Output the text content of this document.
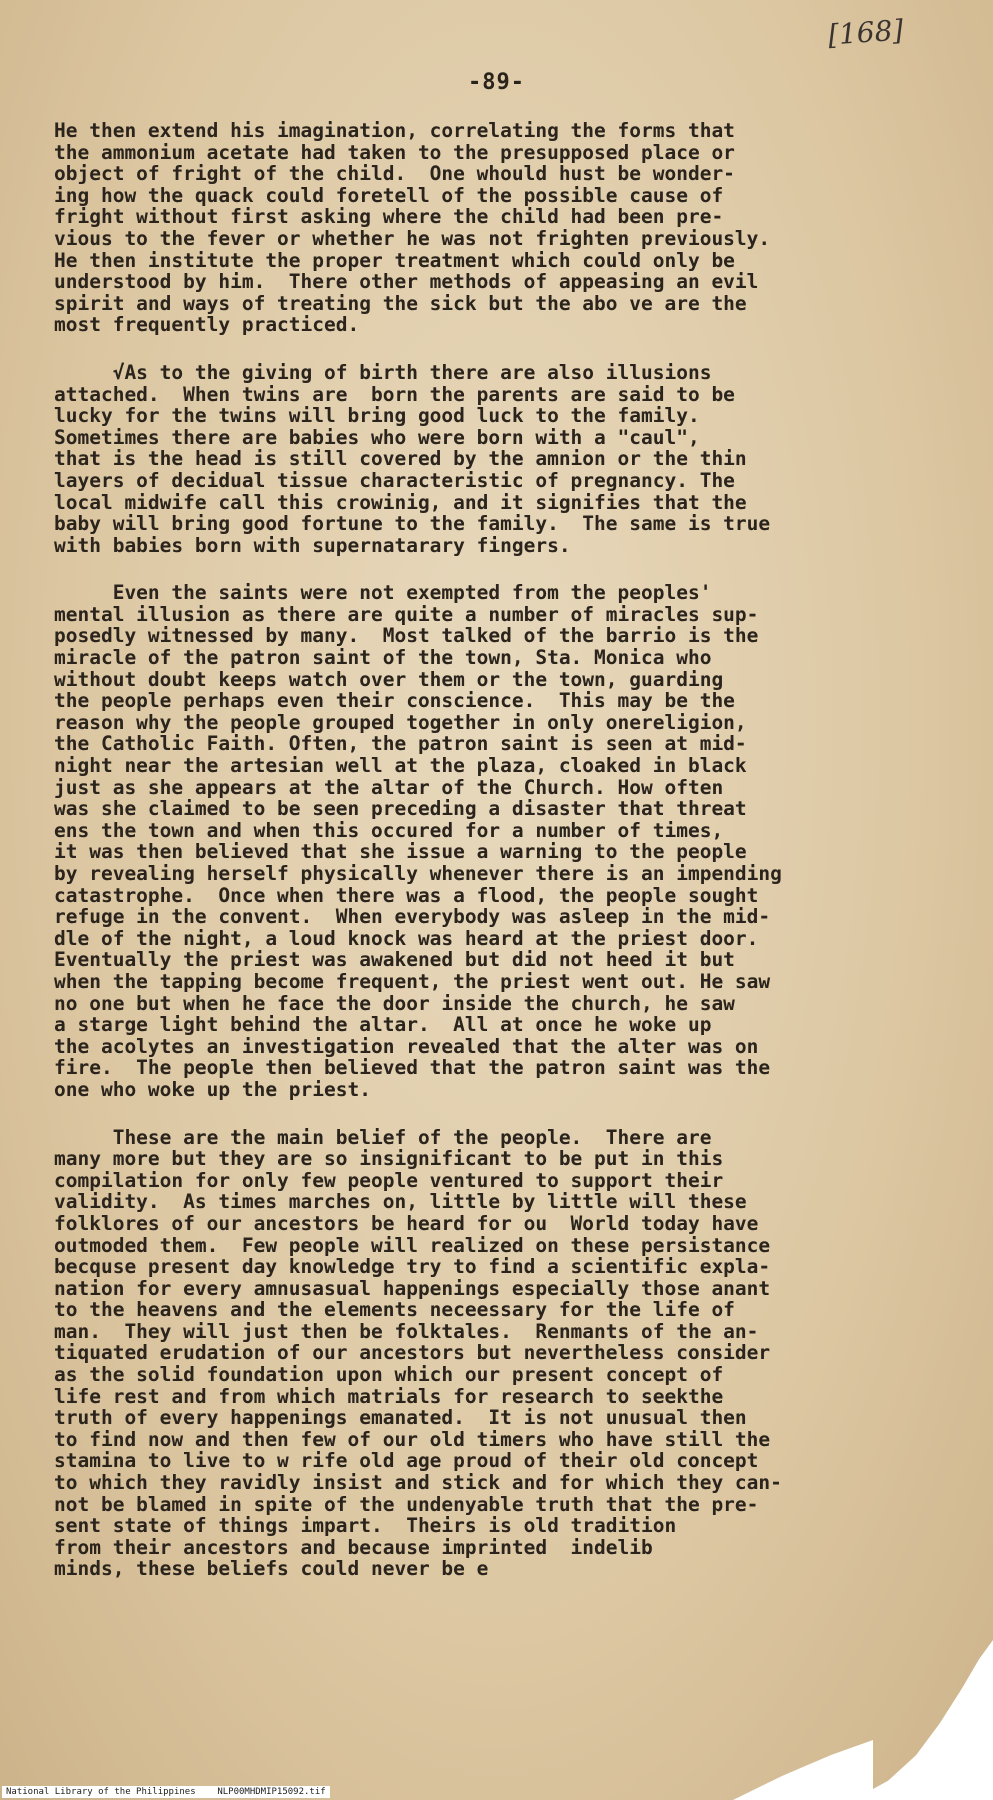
[168]
-89-
He then extend his imagination, correlating the forms that
the ammonium acetate had taken to the presupposed place or
object of fright of the child.  One whould hust be wonder-
ing how the quack could foretell of the possible cause of
fright without first asking where the child had been pre-
vious to the fever or whether he was not frighten previously.
He then institute the proper treatment which could only be
understood by him.  There other methods of appeasing an evil
spirit and ways of treating the sick but the abo ve are the
most frequently practiced.
√As to the giving of birth there are also illusions
attached.  When twins are  born the parents are said to be
lucky for the twins will bring good luck to the family.
Sometimes there are babies who were born with a "caul",
that is the head is still covered by the amnion or the thin
layers of decidual tissue characteristic of pregnancy. The
local midwife call this crowinig, and it signifies that the
baby will bring good fortune to the family.  The same is true
with babies born with supernatarary fingers.
Even the saints were not exempted from the peoples'
mental illusion as there are quite a number of miracles sup-
posedly witnessed by many.  Most talked of the barrio is the
miracle of the patron saint of the town, Sta. Monica who
without doubt keeps watch over them or the town, guarding
the people perhaps even their conscience.  This may be the
reason why the people grouped together in only onereligion,
the Catholic Faith. Often, the patron saint is seen at mid-
night near the artesian well at the plaza, cloaked in black
just as she appears at the altar of the Church. How often
was she claimed to be seen preceding a disaster that threat
ens the town and when this occured for a number of times,
it was then believed that she issue a warning to the people
by revealing herself physically whenever there is an impending
catastrophe.  Once when there was a flood, the people sought
refuge in the convent.  When everybody was asleep in the mid-
dle of the night, a loud knock was heard at the priest door.
Eventually the priest was awakened but did not heed it but
when the tapping become frequent, the priest went out. He saw
no one but when he face the door inside the church, he saw
a starge light behind the altar.  All at once he woke up
the acolytes an investigation revealed that the alter was on
fire.  The people then believed that the patron saint was the
one who woke up the priest.
These are the main belief of the people.  There are
many more but they are so insignificant to be put in this
compilation for only few people ventured to support their
validity.  As times marches on, little by little will these
folklores of our ancestors be heard for ou  World today have
outmoded them.  Few people will realized on these persistance
becquse present day knowledge try to find a scientific expla-
nation for every amnusasual happenings especially those anant
to the heavens and the elements neceessary for the life of
man.  They will just then be folktales.  Renmants of the an-
tiquated erudation of our ancestors but nevertheless consider
as the solid foundation upon which our present concept of
life rest and from which matrials for research to seekthe
truth of every happenings emanated.  It is not unusual then
to find now and then few of our old timers who have still the
stamina to live to w rife old age proud of their old concept
to which they ravidly insist and stick and for which they can-
not be blamed in spite of the undenyable truth that the pre-
sent state of things impart.  Theirs is old tradition
from their ancestors and because imprinted  indelib
minds, these beliefs could never be e
National Library of the Philippines    NLP00MHDMIP15092.tif
